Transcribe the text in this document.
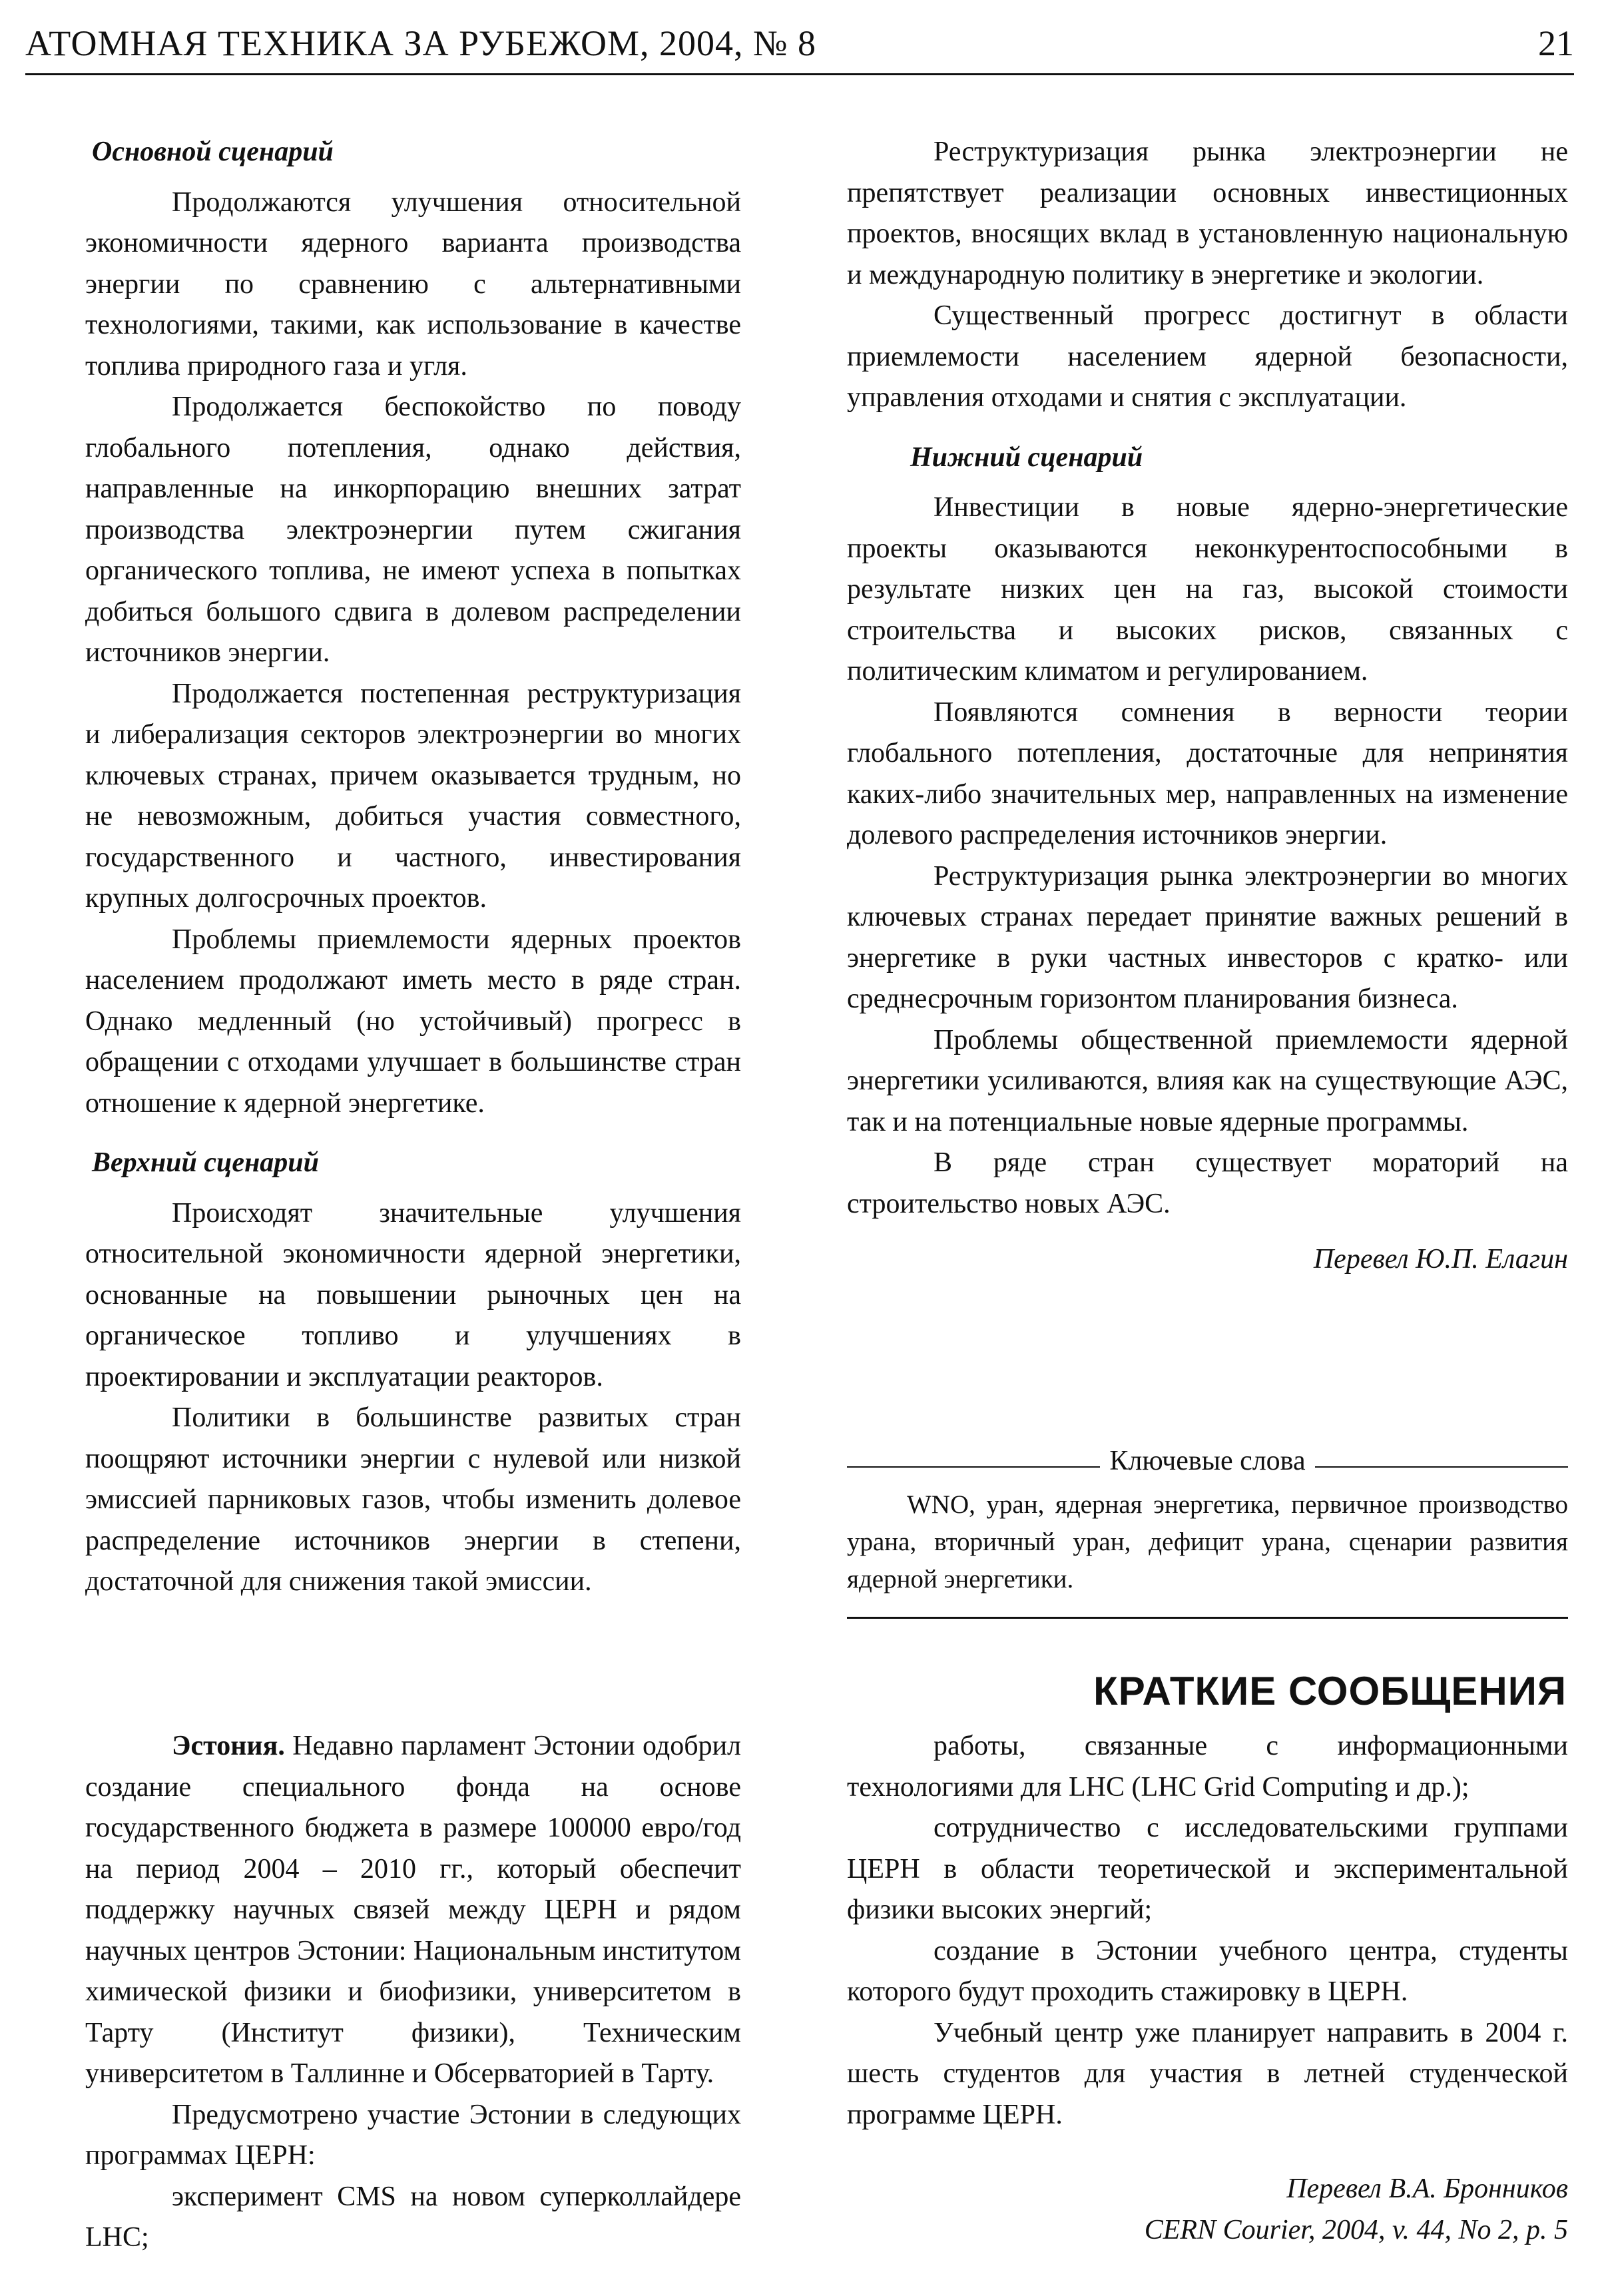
АТОМНАЯ ТЕХНИКА ЗА РУБЕЖОМ, 2004, № 8	21

Основной сценарий

Продолжаются улучшения относительной экономичности ядерного варианта производства энергии по сравнению с альтернативными технологиями, такими, как использование в качестве топлива природного газа и угля.

Продолжается беспокойство по поводу глобального потепления, однако действия, направленные на инкорпорацию внешних затрат производства электроэнергии путем сжигания органического топлива, не имеют успеха в попытках добиться большого сдвига в долевом распределении источников энергии.

Продолжается постепенная реструктуризация и либерализация секторов электроэнергии во многих ключевых странах, причем оказывается трудным, но не невозможным, добиться участия совместного, государственного и частного, инвестирования крупных долгосрочных проектов.

Проблемы приемлемости ядерных проектов населением продолжают иметь место в ряде стран. Однако медленный (но устойчивый) прогресс в обращении с отходами улучшает в большинстве стран отношение к ядерной энергетике.

Верхний сценарий

Происходят значительные улучшения относительной экономичности ядерной энергетики, основанные на повышении рыночных цен на органическое топливо и улучшениях в проектировании и эксплуатации реакторов.

Политики в большинстве развитых стран поощряют источники энергии с нулевой или низкой эмиссией парниковых газов, чтобы изменить долевое распределение источников энергии в степени, достаточной для снижения такой эмиссии.

Реструктуризация рынка электроэнергии не препятствует реализации основных инвестиционных проектов, вносящих вклад в установленную национальную и международную политику в энергетике и экологии.

Существенный прогресс достигнут в области приемлемости населением ядерной безопасности, управления отходами и снятия с эксплуатации.

Нижний сценарий

Инвестиции в новые ядерно-энергетические проекты оказываются неконкурентоспособными в результате низких цен на газ, высокой стоимости строительства и высоких рисков, связанных с политическим климатом и регулированием.

Появляются сомнения в верности теории глобального потепления, достаточные для непринятия каких-либо значительных мер, направленных на изменение долевого распределения источников энергии.

Реструктуризация рынка электроэнергии во многих ключевых странах передает принятие важных решений в энергетике в руки частных инвесторов с кратко- или среднесрочным горизонтом планирования бизнеса.

Проблемы общественной приемлемости ядерной энергетики усиливаются, влияя как на существующие АЭС, так и на потенциальные новые ядерные программы.

В ряде стран существует мораторий на строительство новых АЭС.

Перевел Ю.П. Елагин

Ключевые слова

WNO, уран, ядерная энергетика, первичное производство урана, вторичный уран, дефицит урана, сценарии развития ядерной энергетики.

КРАТКИЕ СООБЩЕНИЯ

Эстония. Недавно парламент Эстонии одобрил создание специального фонда на основе государственного бюджета в размере 100000 евро/год на период 2004 – 2010 гг., который обеспечит поддержку научных связей между ЦЕРН и рядом научных центров Эстонии: Национальным институтом химической физики и биофизики, университетом в Тарту (Институт физики), Техническим университетом в Таллинне и Обсерваторией в Тарту.

Предусмотрено участие Эстонии в следующих программах ЦЕРН:

эксперимент CMS на новом суперколлайдере LHC;

работы, связанные с информационными технологиями для LHC (LHC Grid Computing и др.);

сотрудничество с исследовательскими группами ЦЕРН в области теоретической и экспериментальной физики высоких энергий;

создание в Эстонии учебного центра, студенты которого будут проходить стажировку в ЦЕРН.

Учебный центр уже планирует направить в 2004 г. шесть студентов для участия в летней студенческой программе ЦЕРН.

Перевел В.А. Бронников

CERN Courier, 2004, v. 44, No 2, p. 5
